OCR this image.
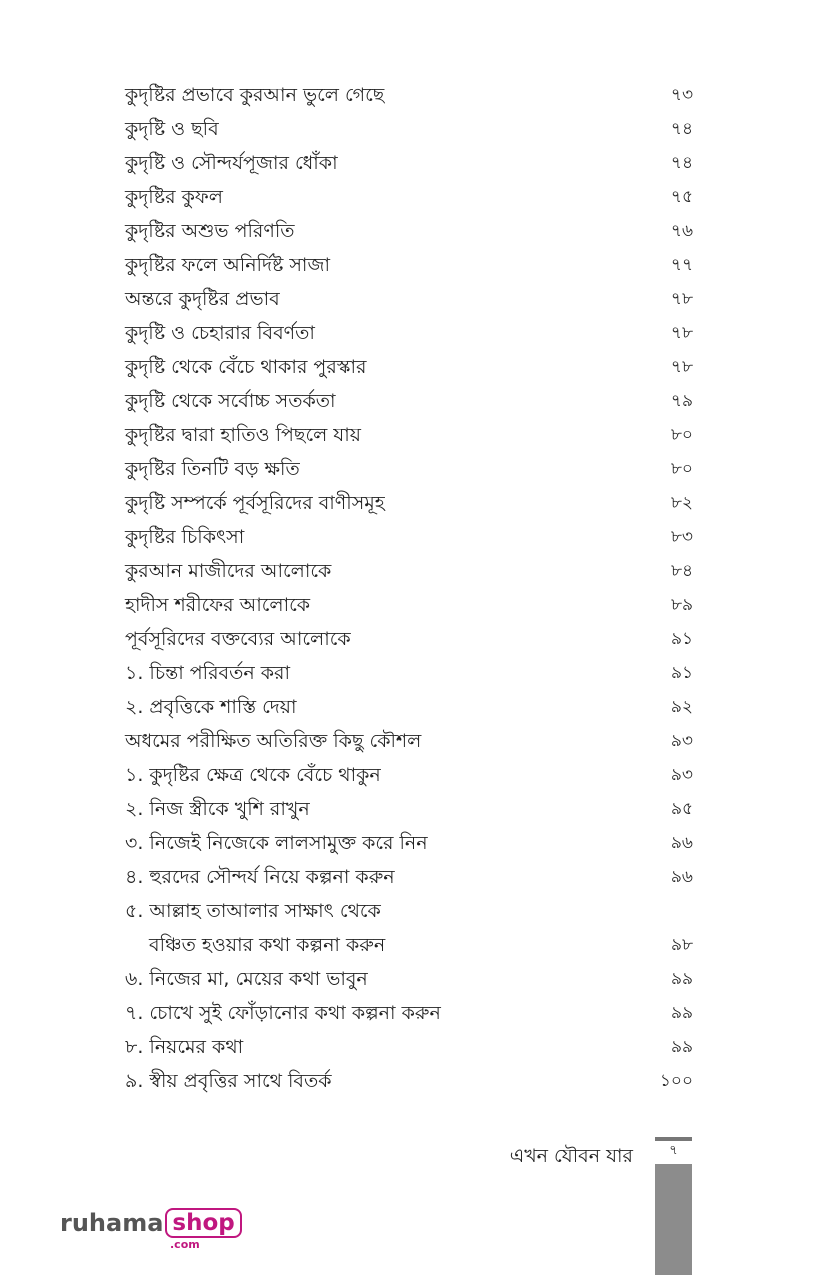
কুদৃষ্টির প্রভাবে কুরআন ভুলে গেছে	৭৩
কুদৃষ্টি ও ছবি	৭৪
কুদৃষ্টি ও সৌন্দর্যপূজার ধোঁকা	৭৪
কুদৃষ্টির কুফল	৭৫
কুদৃষ্টির অশুভ পরিণতি	৭৬
কুদৃষ্টির ফলে অনির্দিষ্ট সাজা	৭৭
অন্তরে কুদৃষ্টির প্রভাব	৭৮
কুদৃষ্টি ও চেহারার বিবর্ণতা	৭৮
কুদৃষ্টি থেকে বেঁচে থাকার পুরস্কার	৭৮
কুদৃষ্টি থেকে সর্বোচ্চ সতর্কতা	৭৯
কুদৃষ্টির দ্বারা হাতিও পিছলে যায়	৮০
কুদৃষ্টির তিনটি বড় ক্ষতি	৮০
কুদৃষ্টি সম্পর্কে পূর্বসূরিদের বাণীসমূহ	৮২
কুদৃষ্টির চিকিৎসা	৮৩
কুরআন মাজীদের আলোকে	৮৪
হাদীস শরীফের আলোকে	৮৯
পূর্বসূরিদের বক্তব্যের আলোকে	৯১
১. চিন্তা পরিবর্তন করা	৯১
২. প্রবৃত্তিকে শাস্তি দেয়া	৯২
অধমের পরীক্ষিত অতিরিক্ত কিছু কৌশল	৯৩
১. কুদৃষ্টির ক্ষেত্র থেকে বেঁচে থাকুন	৯৩
২. নিজ স্ত্রীকে খুশি রাখুন	৯৫
৩. নিজেই নিজেকে লালসামুক্ত করে নিন	৯৬
৪. হুরদের সৌন্দর্য নিয়ে কল্পনা করুন	৯৬
৫. আল্লাহ তাআলার সাক্ষাৎ থেকে
বঞ্চিত হওয়ার কথা কল্পনা করুন	৯৮
৬. নিজের মা, মেয়ের কথা ভাবুন	৯৯
৭. চোখে সুই ফোঁড়ানোর কথা কল্পনা করুন	৯৯
৮. নিয়মের কথা	৯৯
৯. স্বীয় প্রবৃত্তির সাথে বিতর্ক	১০০
এখন যৌবন যার	৭
ruhama shop
.com
